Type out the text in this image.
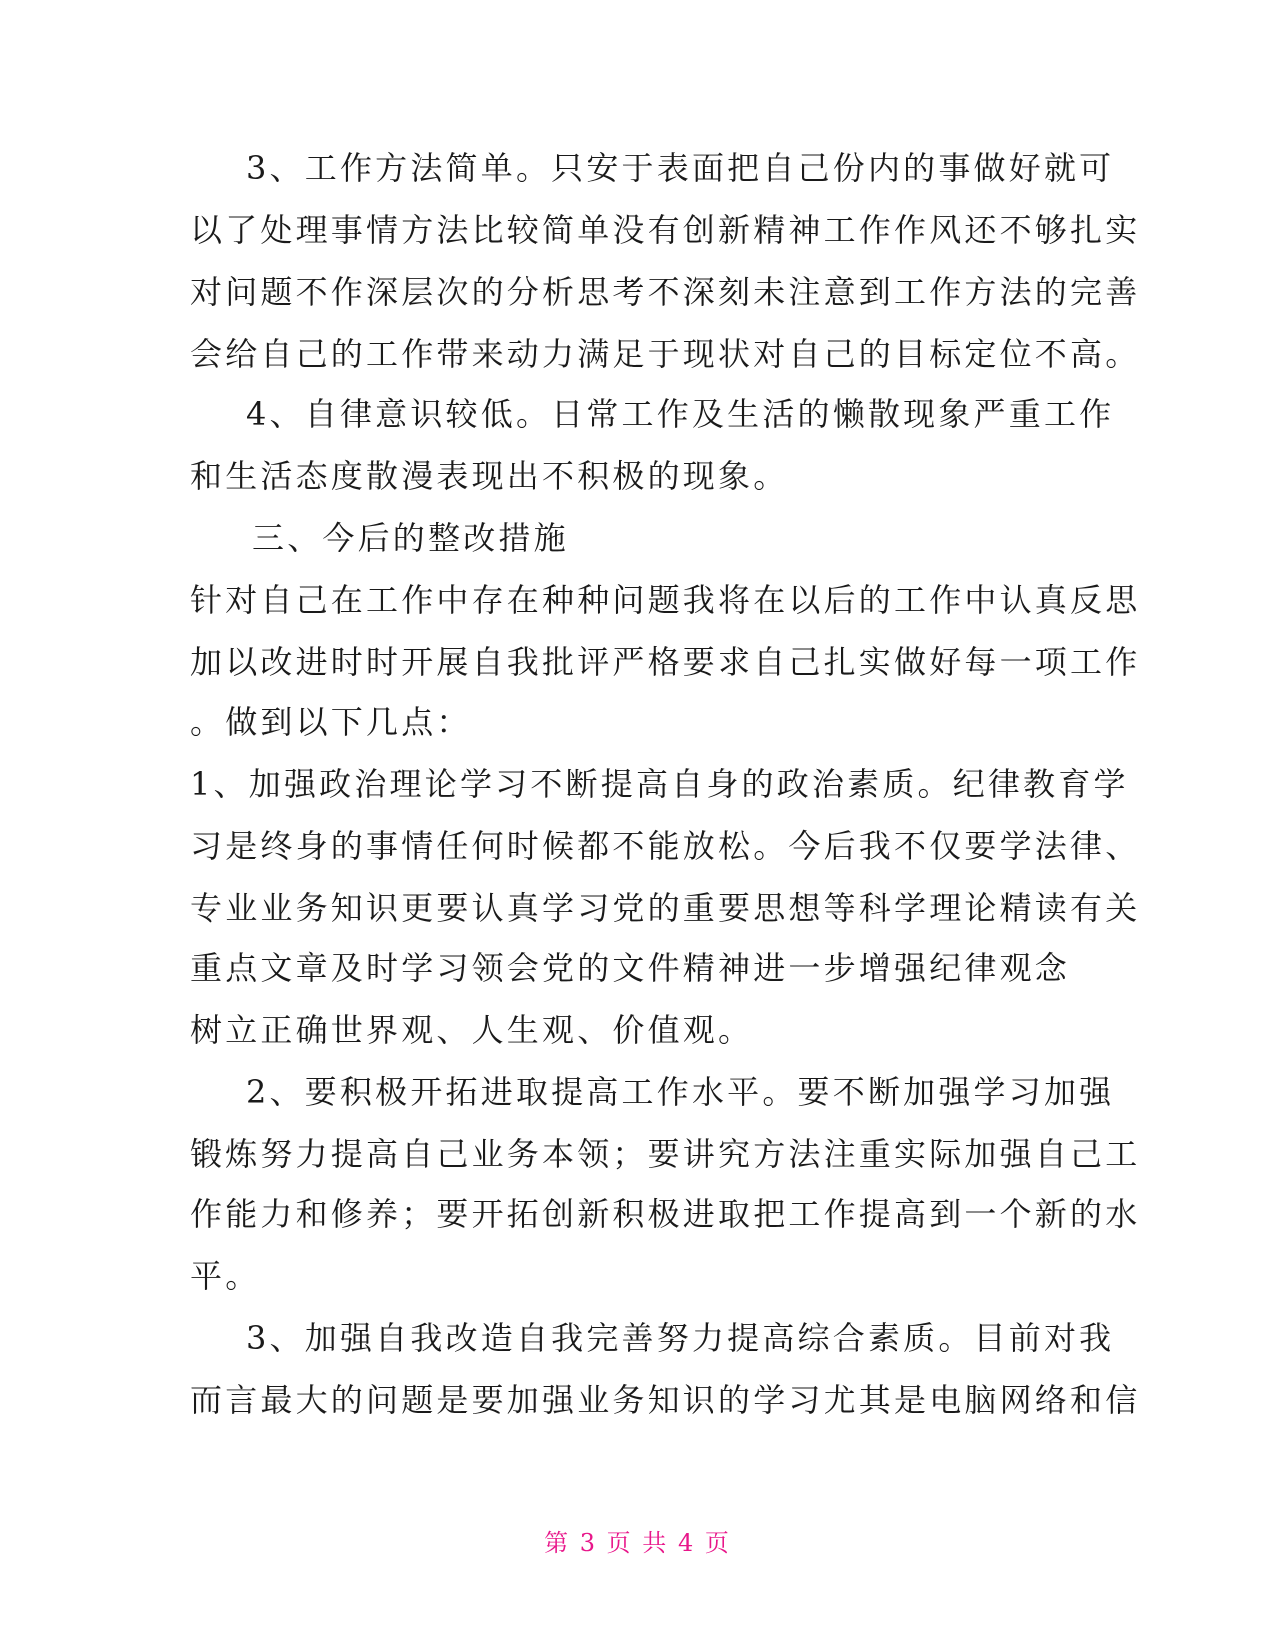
3、工作方法简单。只安于表面把自己份内的事做好就可
以了处理事情方法比较简单没有创新精神工作作风还不够扎实
对问题不作深层次的分析思考不深刻未注意到工作方法的完善
会给自己的工作带来动力满足于现状对自己的目标定位不高。
4、自律意识较低。日常工作及生活的懒散现象严重工作
和生活态度散漫表现出不积极的现象。
三、今后的整改措施
针对自己在工作中存在种种问题我将在以后的工作中认真反思
加以改进时时开展自我批评严格要求自己扎实做好每一项工作
。做到以下几点：
1、加强政治理论学习不断提高自身的政治素质。纪律教育学
习是终身的事情任何时候都不能放松。今后我不仅要学法律、
专业业务知识更要认真学习党的重要思想等科学理论精读有关
重点文章及时学习领会党的文件精神进一步增强纪律观念
树立正确世界观、人生观、价值观。
2、要积极开拓进取提高工作水平。要不断加强学习加强
锻炼努力提高自己业务本领；要讲究方法注重实际加强自己工
作能力和修养；要开拓创新积极进取把工作提高到一个新的水
平。
3、加强自我改造自我完善努力提高综合素质。目前对我
而言最大的问题是要加强业务知识的学习尤其是电脑网络和信
第 3 页 共 4 页
